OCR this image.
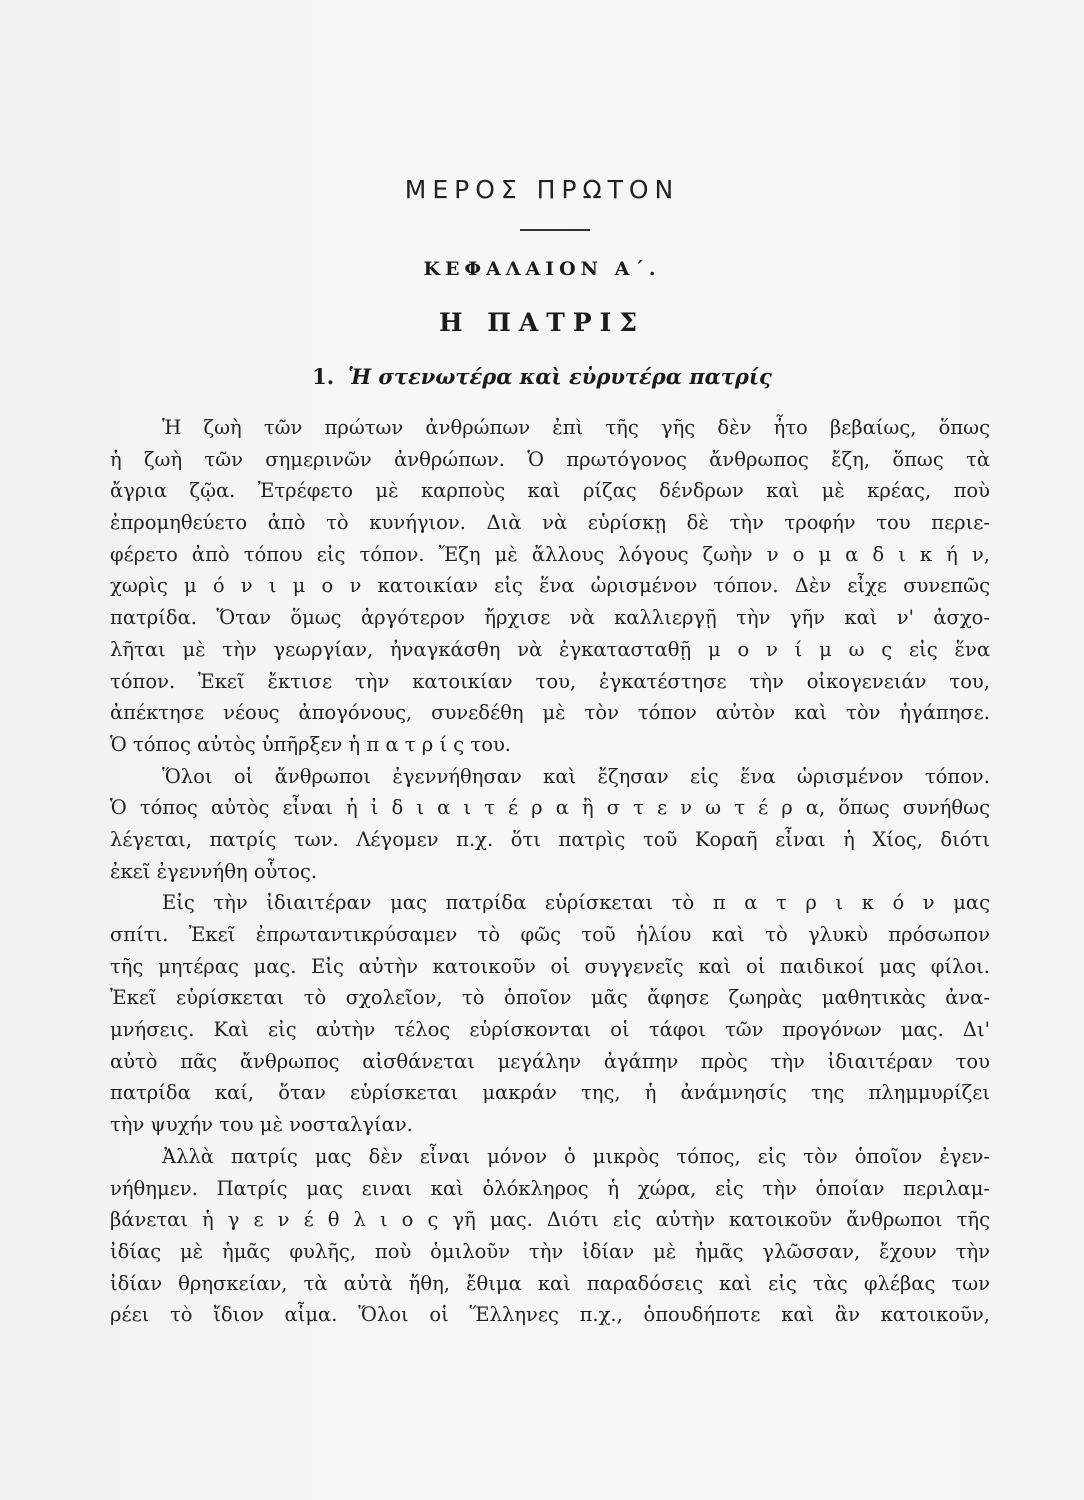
ΜΕΡΟΣ ΠΡΩΤΟΝ
ΚΕΦΑΛΑΙΟΝ Α΄.
Η ΠΑΤΡΙΣ
1. Ἡ στενωτέρα καὶ εὐρυτέρα πατρίς
Ἡ ζωὴ τῶν πρώτων ἀνθρώπων ἐπὶ τῆς γῆς δὲν ἦτο βεβαίως, ὅπως
ἡ ζωὴ τῶν σημερινῶν ἀνθρώπων. Ὁ πρωτόγονος ἄνθρωπος ἔζη, ὅπως τὰ
ἄγρια ζῷα. Ἐτρέφετο μὲ καρποὺς καὶ ρίζας δένδρων καὶ μὲ κρέας, ποὺ
ἐπρομηθεύετο ἀπὸ τὸ κυνήγιον. Διὰ νὰ εὑρίσκῃ δὲ τὴν τροφήν του περιε-
φέρετο ἀπὸ τόπου εἰς τόπον. Ἔζη μὲ ἄλλους λόγους ζωὴν ν ο μ α δ ι κ ή ν,
χωρὶς μ ό ν ι μ ο ν κατοικίαν εἰς ἕνα ὡρισμένον τόπον. Δὲν εἶχε συνεπῶς
πατρίδα. Ὅταν ὅμως ἀργότερον ἤρχισε νὰ καλλιεργῇ τὴν γῆν καὶ ν' ἀσχο-
λῆται μὲ τὴν γεωργίαν, ἠναγκάσθη νὰ ἐγκατασταθῇ μ ο ν ί μ ω ς εἰς ἕνα
τόπον. Ἐκεῖ ἔκτισε τὴν κατοικίαν του, ἐγκατέστησε τὴν οἰκογενειάν του,
ἀπέκτησε νέους ἀπογόνους, συνεδέθη μὲ τὸν τόπον αὐτὸν καὶ τὸν ἠγάπησε.
Ὁ τόπος αὐτὸς ὑπῆρξεν ἡ π α τ ρ ί ς του.
Ὅλοι οἱ ἄνθρωποι ἐγεννήθησαν καὶ ἔζησαν εἰς ἕνα ὡρισμένον τόπον.
Ὁ τόπος αὐτὸς εἶναι ἡ ἰ δ ι α ι τ έ ρ α ἢ σ τ ε ν ω τ έ ρ α, ὅπως συνήθως
λέγεται, πατρίς των. Λέγομεν π.χ. ὅτι πατρὶς τοῦ Κοραῆ εἶναι ἡ Χίος, διότι
ἐκεῖ ἐγεννήθη οὗτος.
Εἰς τὴν ἰδιαιτέραν μας πατρίδα εὑρίσκεται τὸ π α τ ρ ι κ ό ν μας
σπίτι. Ἐκεῖ ἐπρωταντικρύσαμεν τὸ φῶς τοῦ ἡλίου καὶ τὸ γλυκὺ πρόσωπον
τῆς μητέρας μας. Εἰς αὐτὴν κατοικοῦν οἱ συγγενεῖς καὶ οἱ παιδικοί μας φίλοι.
Ἐκεῖ εὑρίσκεται τὸ σχολεῖον, τὸ ὁποῖον μᾶς ἄφησε ζωηρὰς μαθητικὰς ἀνα-
μνήσεις. Καὶ εἰς αὐτὴν τέλος εὑρίσκονται οἱ τάφοι τῶν προγόνων μας. Δι'
αὐτὸ πᾶς ἄνθρωπος αἰσθάνεται μεγάλην ἀγάπην πρὸς τὴν ἰδιαιτέραν του
πατρίδα καί, ὅταν εὑρίσκεται μακράν της, ἡ ἀνάμνησίς της πλημμυρίζει
τὴν ψυχήν του μὲ νοσταλγίαν.
Ἀλλὰ πατρίς μας δὲν εἶναι μόνον ὁ μικρὸς τόπος, εἰς τὸν ὁποῖον ἐγεν-
νήθημεν. Πατρίς μας ειναι καὶ ὁλόκληρος ἡ χώρα, εἰς τὴν ὁποίαν περιλαμ-
βάνεται ἡ γ ε ν έ θ λ ι ο ς γῆ μας. Διότι εἰς αὐτὴν κατοικοῦν ἄνθρωποι τῆς
ἰδίας μὲ ἡμᾶς φυλῆς, ποὺ ὁμιλοῦν τὴν ἰδίαν μὲ ἡμᾶς γλῶσσαν, ἔχουν τὴν
ἰδίαν θρησκείαν, τὰ αὐτὰ ἤθη, ἔθιμα καὶ παραδόσεις καὶ εἰς τὰς φλέβας των
ρέει τὸ ἴδιον αἷμα. Ὅλοι οἱ Ἕλληνες π.χ., ὁπουδήποτε καὶ ἂν κατοικοῦν,
